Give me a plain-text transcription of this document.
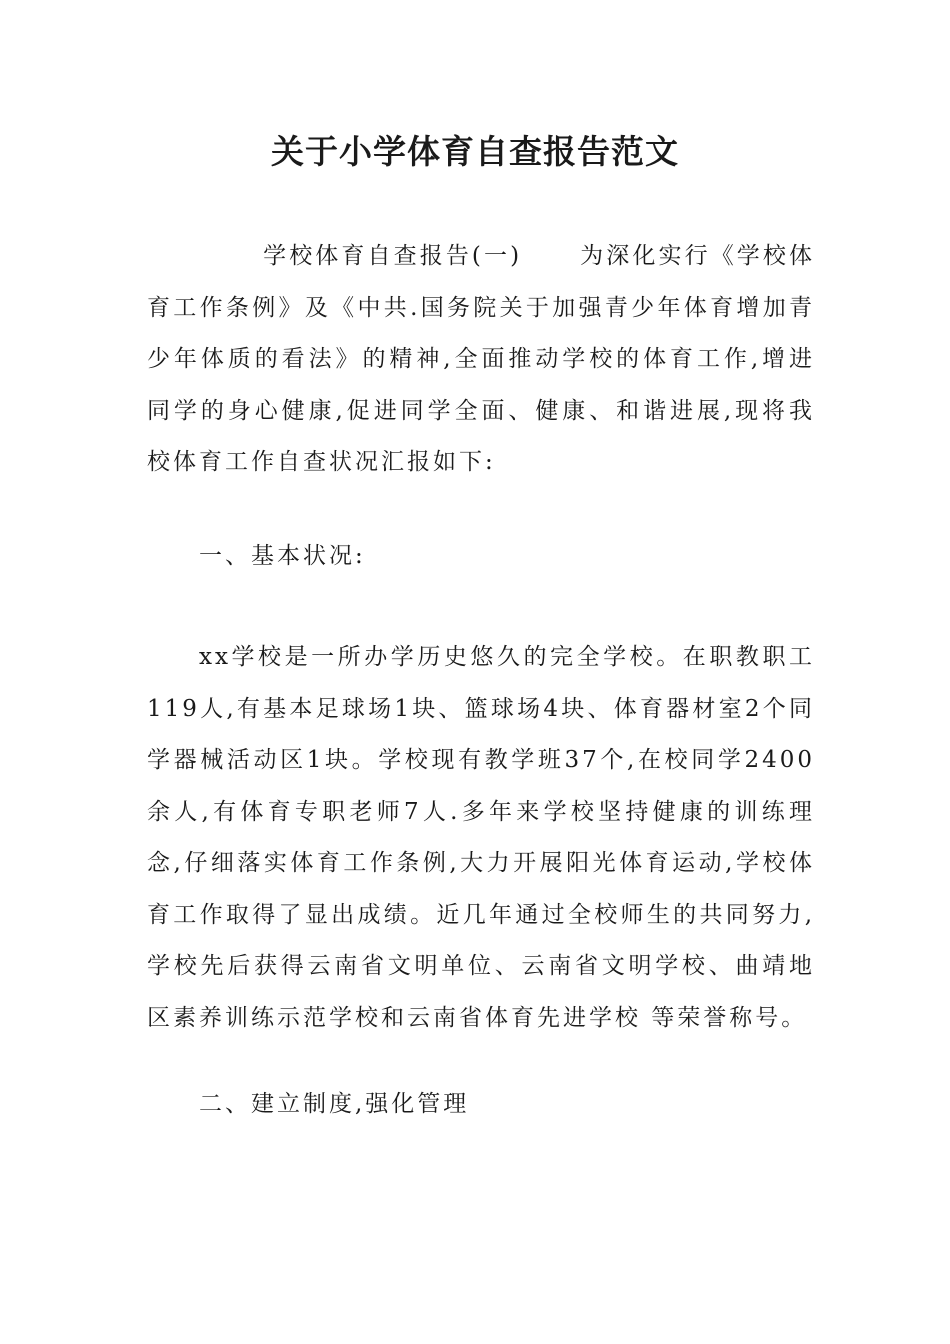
关于小学体育自查报告范文

学校体育自查报告(一)	为深化实行《学校体育工作条例》及《中共.国务院关于加强青少年体育增加青少年体质的看法》的精神,全面推动学校的体育工作,增进同学的身心健康,促进同学全面、健康、和谐进展,现将我校体育工作自查状况汇报如下:

一、基本状况:

xx学校是一所办学历史悠久的完全学校。在职教职工119人,有基本足球场1块、篮球场4块、体育器材室2个同学器械活动区1块。学校现有教学班37个,在校同学2400余人,有体育专职老师7人.多年来学校坚持健康的训练理念,仔细落实体育工作条例,大力开展阳光体育运动,学校体育工作取得了显出成绩。近几年通过全校师生的共同努力,学校先后获得云南省文明单位、云南省文明学校、曲靖地区素养训练示范学校和云南省体育先进学校 等荣誉称号。

二、建立制度,强化管理
